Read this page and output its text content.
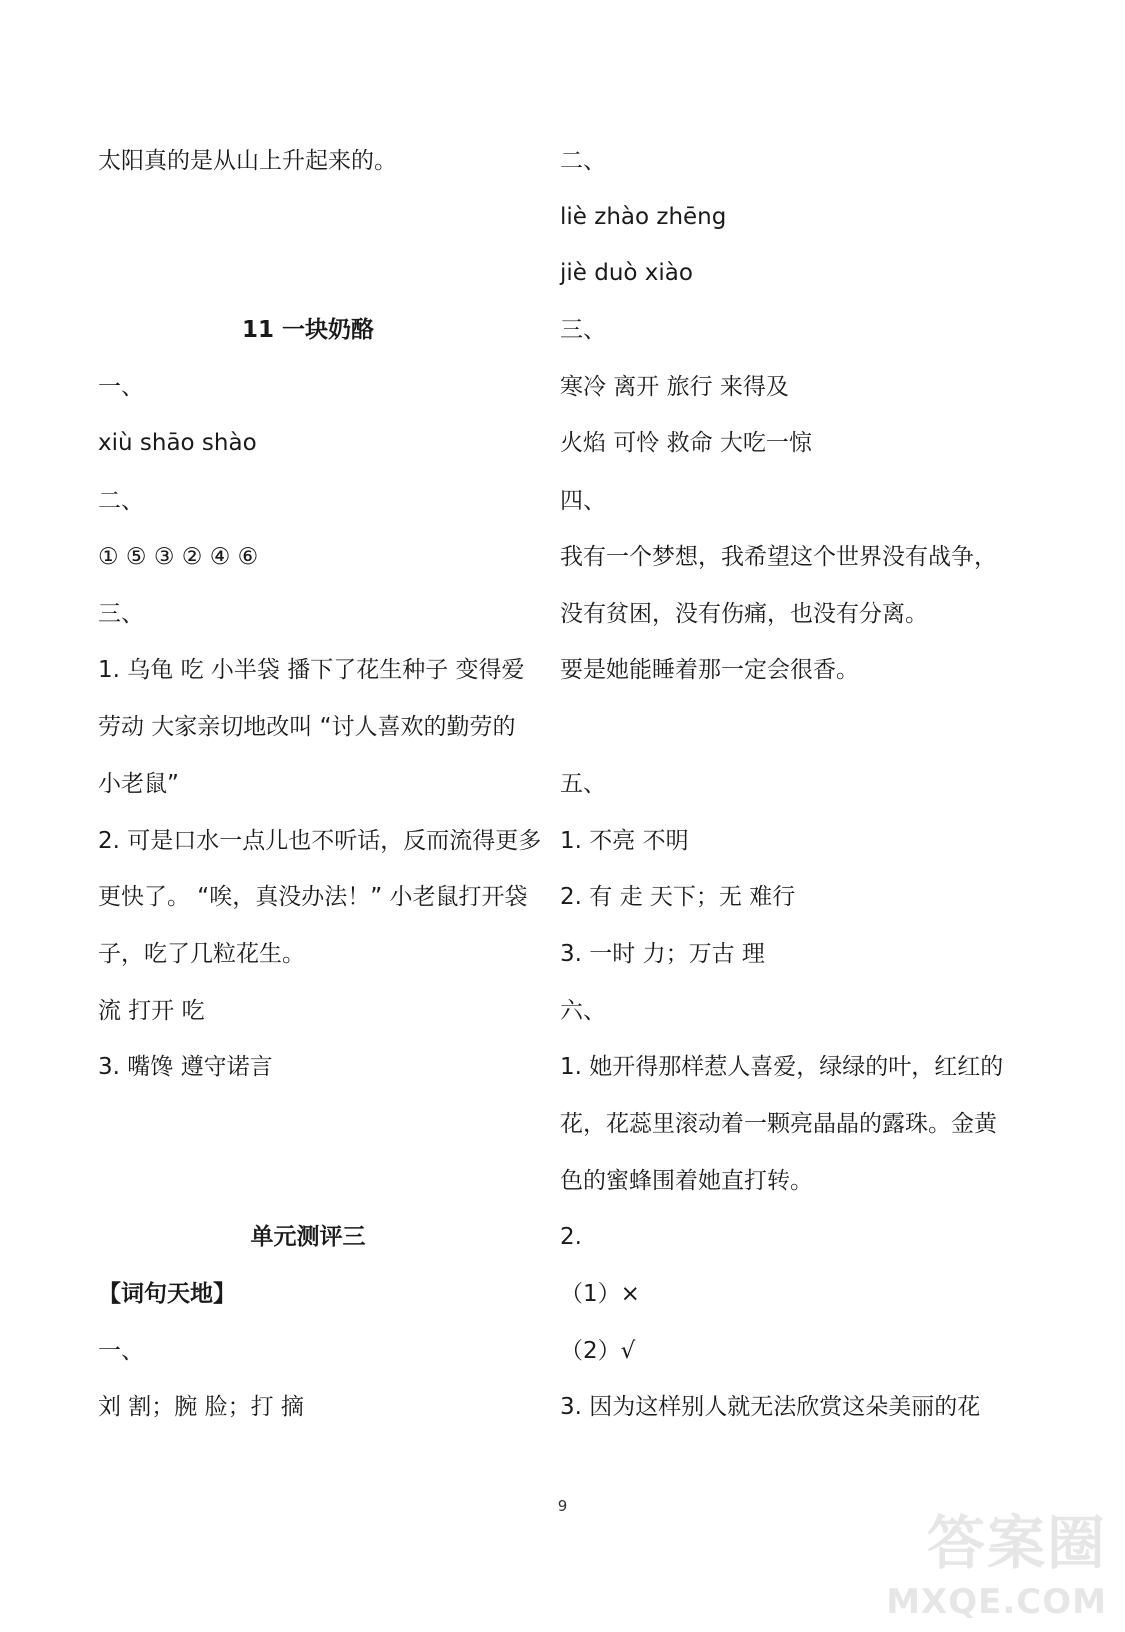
太阳真的是从山上升起来的。
11 一块奶酪
一、
xiù shāo shào
二、
① ⑤ ③ ② ④ ⑥
三、
1. 乌龟 吃 小半袋 播下了花生种子 变得爱
劳动 大家亲切地改叫 “讨人喜欢的勤劳的
小老鼠”
2. 可是口水一点儿也不听话，反而流得更多
更快了。 “唉，真没办法！” 小老鼠打开袋
子，吃了几粒花生。
流 打开 吃
3. 嘴馋 遵守诺言
单元测评三
【词句天地】
一、
刘 割；腕 脸；打 摘
二、
liè zhào zhēng
jiè duò xiào
三、
寒冷 离开 旅行 来得及
火焰 可怜 救命 大吃一惊
四、
我有一个梦想，我希望这个世界没有战争，
没有贫困，没有伤痛，也没有分离。
要是她能睡着那一定会很香。
五、
1. 不亮 不明
2. 有 走 天下；无 难行
3. 一时 力；万古 理
六、
1. 她开得那样惹人喜爱，绿绿的叶，红红的
花，花蕊里滚动着一颗亮晶晶的露珠。金黄
色的蜜蜂围着她直打转。
2.
（1）×
（2）√
3. 因为这样别人就无法欣赏这朵美丽的花
9
答案圈
MXQE.COM
